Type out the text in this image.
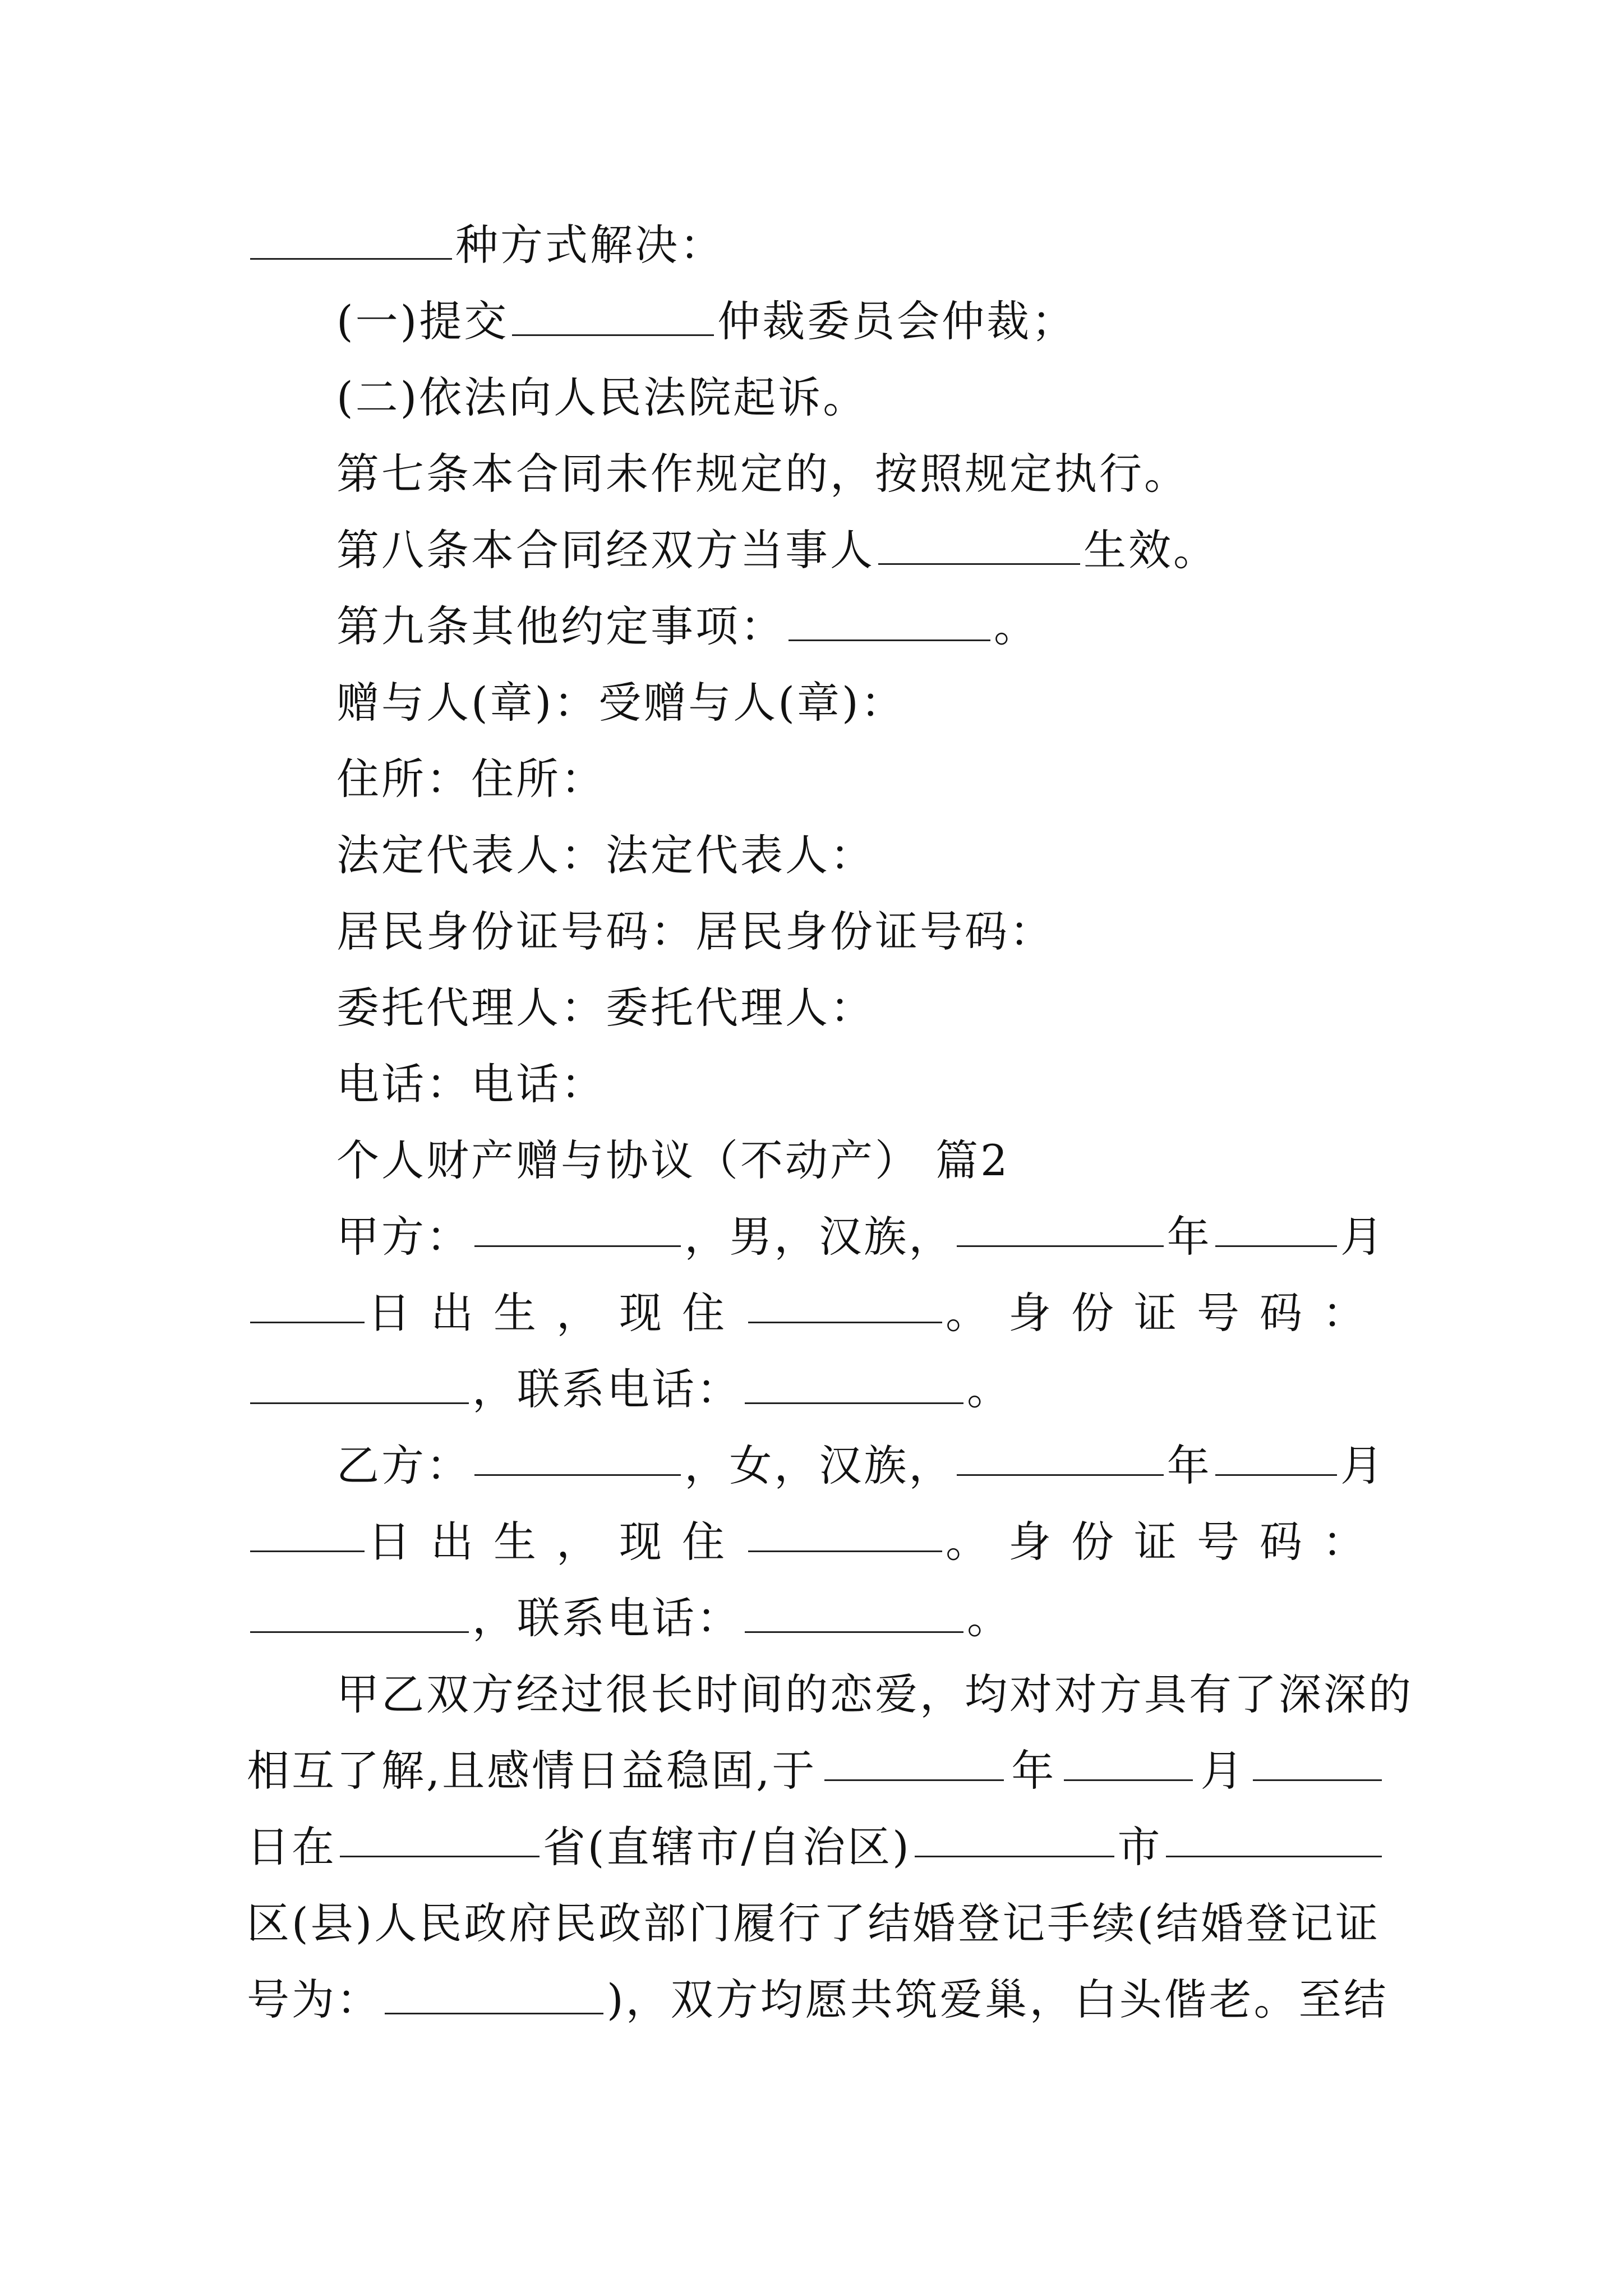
种方式解决：
(一)提交	仲裁委员会仲裁；
(二)依法向人民法院起诉。
第七条本合同未作规定的，按照规定执行。
第八条本合同经双方当事人	生效。
第九条其他约定事项：	。
赠与人(章)：受赠与人(章)：
住所：住所：
法定代表人：法定代表人：
居民身份证号码：居民身份证号码：
委托代理人：委托代理人：
电话：电话：
个人财产赠与协议（不动产） 篇2
甲方：	，男，汉族，	年	月
日出生，现住	。身份证号码：
，联系电话：	。
乙方：	，女，汉族，	年	月
日出生，现住	。身份证号码：
，联系电话：	。
甲乙双方经过很长时间的恋爱，均对对方具有了深深的
相互了解,且感情日益稳固,于	年	月
日在	省(直辖市/自治区)	市
区(县)人民政府民政部门履行了结婚登记手续(结婚登记证
号为：	)，双方均愿共筑爱巢，白头偕老。至结
